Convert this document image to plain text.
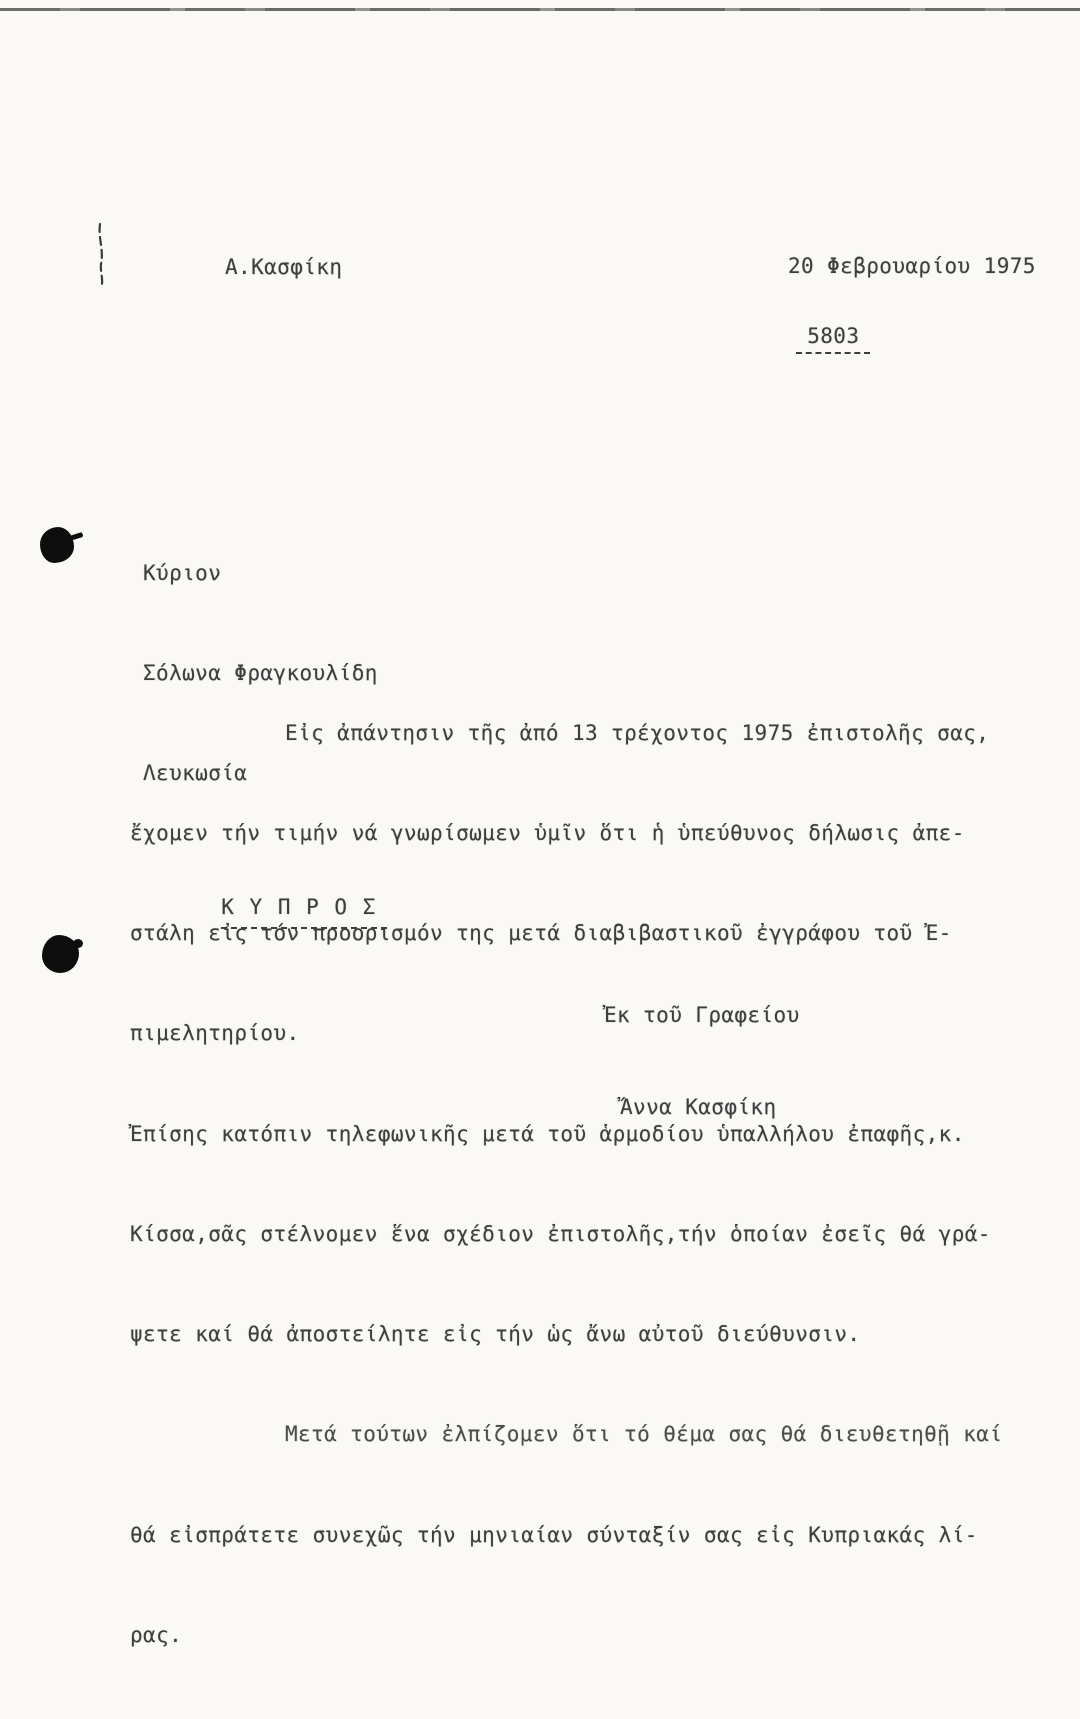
Α.Κασφίκη	20 Φεβρουαρίου 1975

5803

Κύριον

Σόλωνα Φραγκουλίδη

Λευκωσία

Κ Υ Π Ρ Ο Σ

Εἰς ἀπάντησιν τῆς ἀπό 13 τρέχοντος 1975 ἐπιστολῆς σας,

ἔχομεν τήν τιμήν νά γνωρίσωμεν ὑμῖν ὅτι ἡ ὑπεύθυνος δήλωσις ἀπε-

στάλη εἰς τόν προορισμόν της μετά διαβιβαστικοῦ ἐγγράφου τοῦ Ἐ-

πιμελητηρίου.

Ἐπίσης κατόπιν τηλεφωνικῆς μετά τοῦ ἁρμοδίου ὑπαλλήλου ἐπαφῆς,κ.

Κίσσα,σᾶς στέλνομεν ἕνα σχέδιον ἐπιστολῆς,τήν ὁποίαν ἐσεῖς θά γρά-

ψετε καί θά ἀποστείλητε εἰς τήν ὡς ἄνω αὐτοῦ διεύθυνσιν.

Μετά τούτων ἐλπίζομεν ὅτι τό θέμα σας θά διευθετηθῇ καί

θά εἰσπράτετε συνεχῶς τήν μηνιαίαν σύνταξίν σας εἰς Κυπριακάς λί-

ρας.

Ἐκ τοῦ Γραφείου
Ἄννα Κασφίκη
